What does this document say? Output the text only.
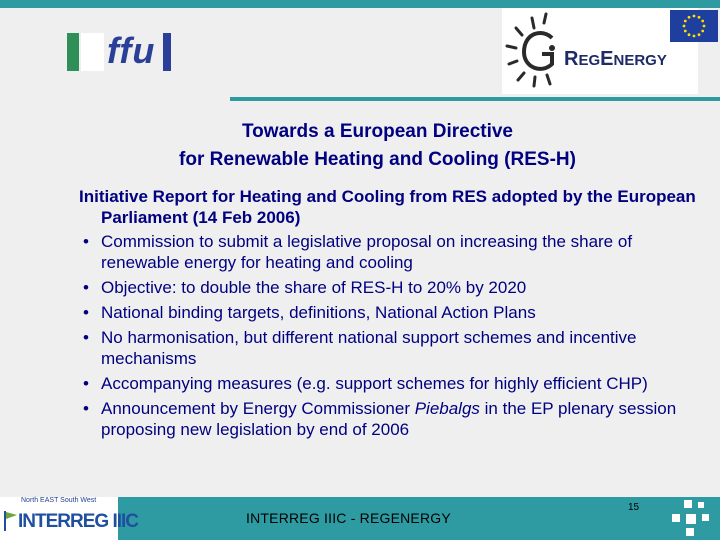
ffu	REGENERGY
Towards a European Directive
for Renewable Heating and Cooling (RES-H)
Initiative Report for Heating and Cooling from RES adopted by the European Parliament (14 Feb 2006)
• Commission to submit a legislative proposal on increasing the share of renewable energy for heating and cooling
• Objective: to double the share of RES-H to 20% by 2020
• National binding targets, definitions, National Action Plans
• No harmonisation, but different national support schemes and incentive mechanisms
• Accompanying measures (e.g. support schemes for highly efficient CHP)
• Announcement by Energy Commissioner Piebalgs in the EP plenary session proposing new legislation by end of 2006
North EAST South West
INTERREG IIIC	INTERREG IIIC - REGENERGY
15
